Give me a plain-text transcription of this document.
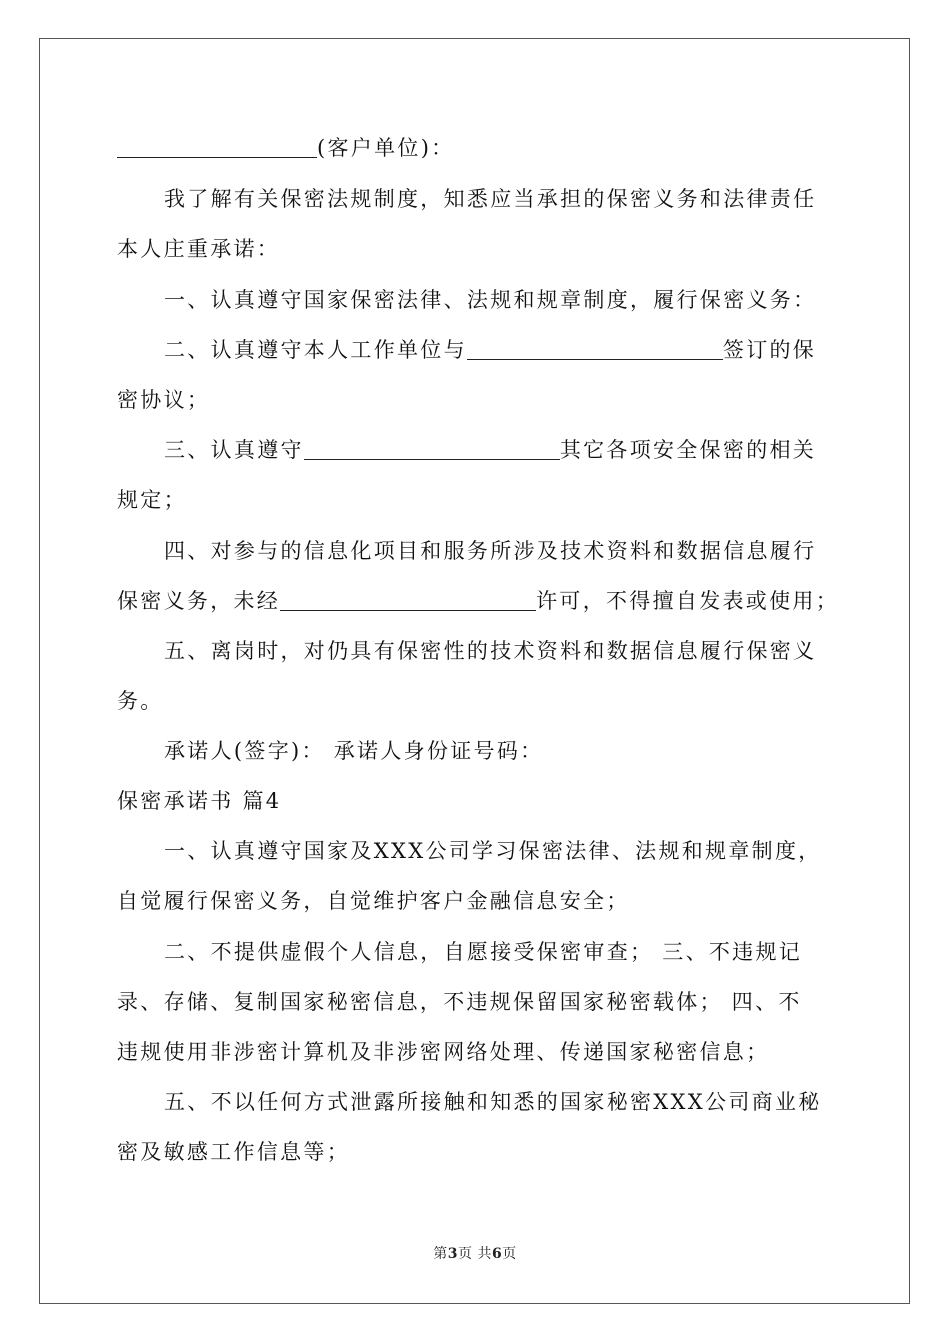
(客户单位)：
我了解有关保密法规制度，知悉应当承担的保密义务和法律责任
本人庄重承诺：
一、认真遵守国家保密法律、法规和规章制度，履行保密义务：
二、认真遵守本人工作单位与	签订的保
密协议；
三、认真遵守	其它各项安全保密的相关
规定；
四、对参与的信息化项目和服务所涉及技术资料和数据信息履行
保密义务，未经	许可，不得擅自发表或使用；
五、离岗时，对仍具有保密性的技术资料和数据信息履行保密义
务。
承诺人(签字)： 承诺人身份证号码：
保密承诺书 篇4
一、认真遵守国家及XXX公司学习保密法律、法规和规章制度，
自觉履行保密义务，自觉维护客户金融信息安全；
二、不提供虚假个人信息，自愿接受保密审查； 三、不违规记
录、存储、复制国家秘密信息，不违规保留国家秘密载体； 四、不
违规使用非涉密计算机及非涉密网络处理、传递国家秘密信息；
五、不以任何方式泄露所接触和知悉的国家秘密XXX公司商业秘
密及敏感工作信息等；
第3页 共6页
